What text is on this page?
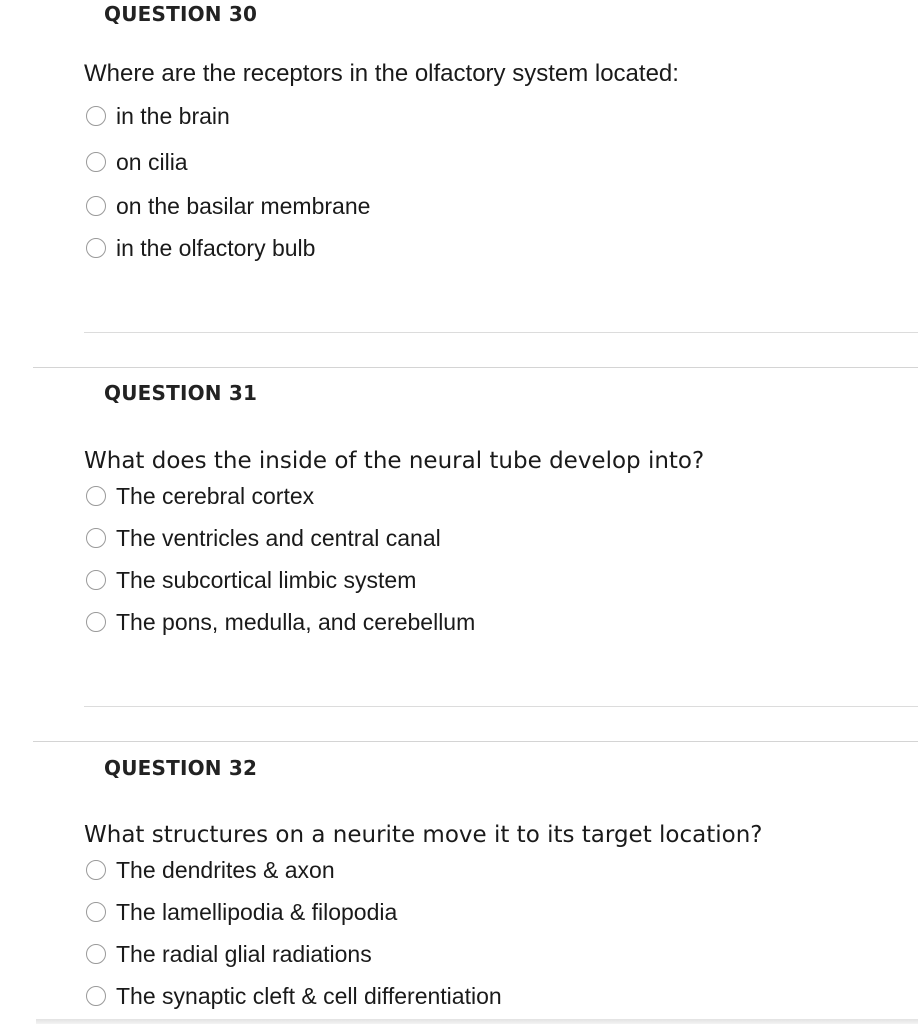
QUESTION 30
Where are the receptors in the olfactory system located:
in the brain
on cilia
on the basilar membrane
in the olfactory bulb
QUESTION 31
What does the inside of the neural tube develop into?
The cerebral cortex
The ventricles and central canal
The subcortical limbic system
The pons, medulla, and cerebellum
QUESTION 32
What structures on a neurite move it to its target location?
The dendrites & axon
The lamellipodia & filopodia
The radial glial radiations
The synaptic cleft & cell differentiation
